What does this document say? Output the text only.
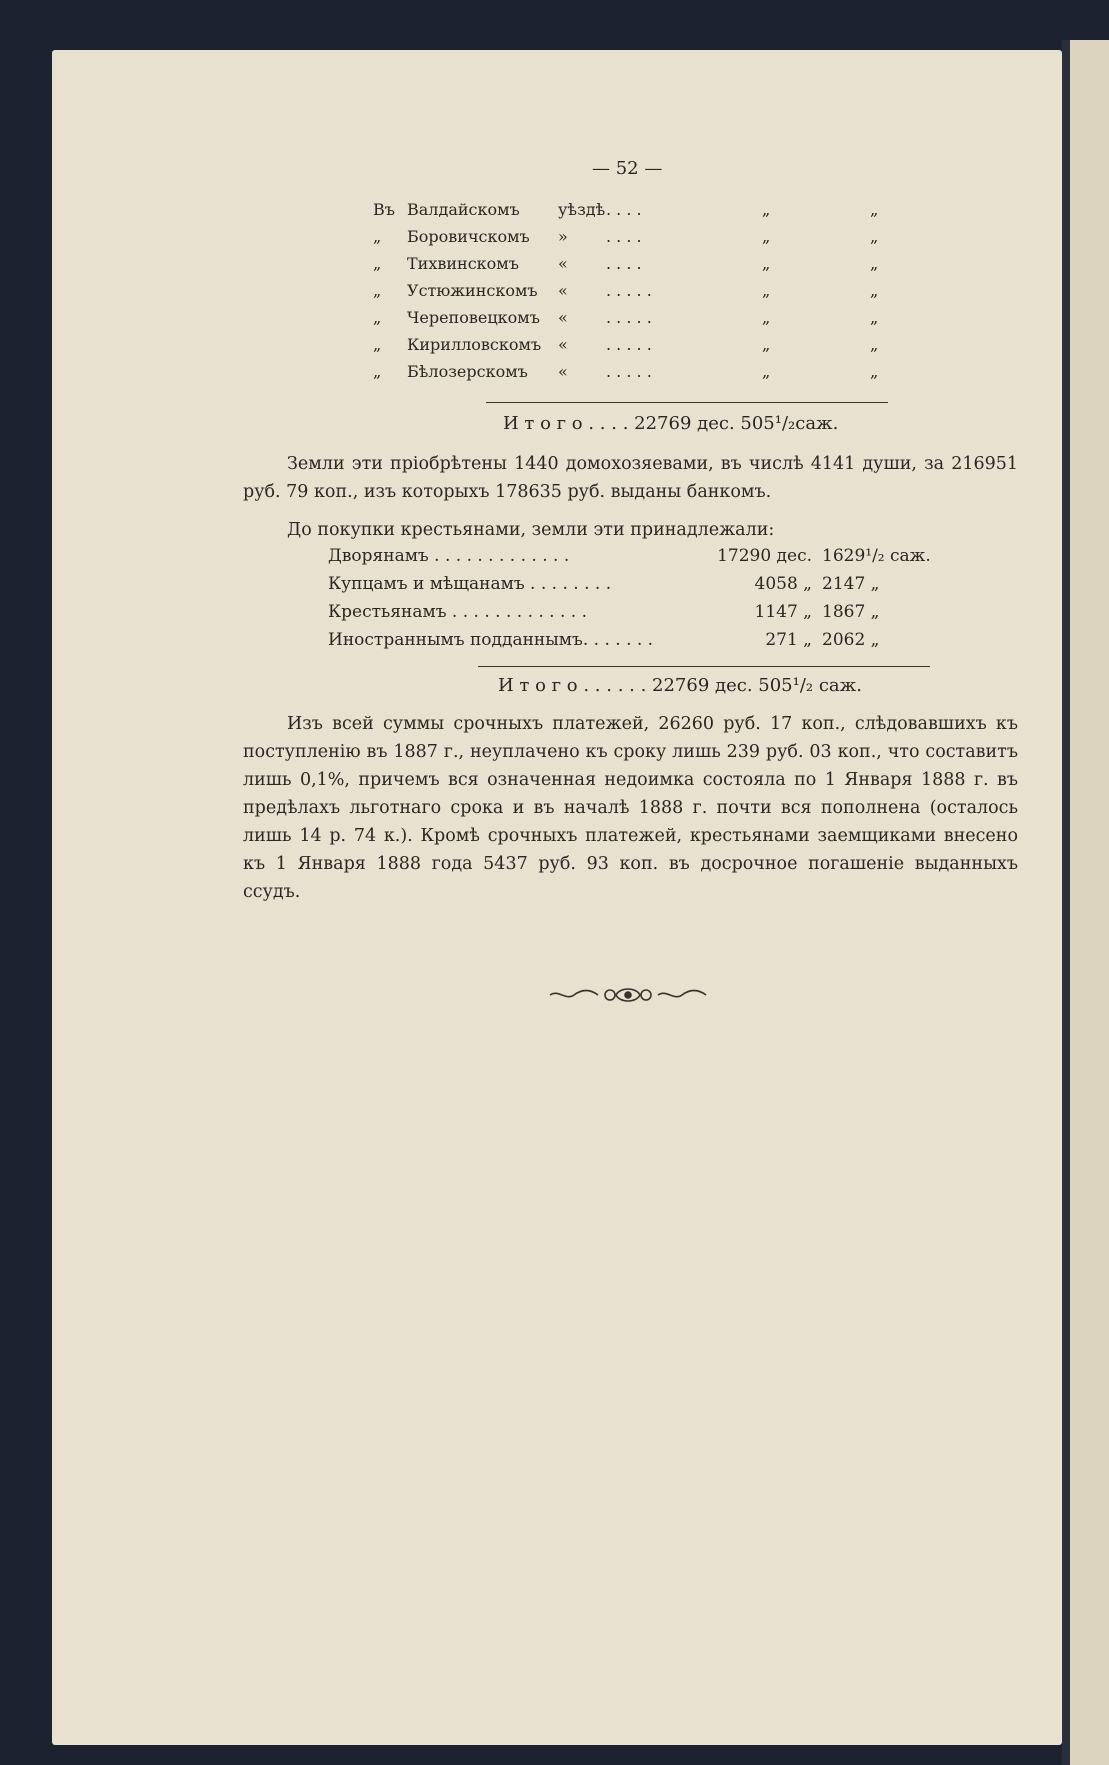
— 52 —
Въ Валдайскомъ уѣздѣ . . . .	„	„
„ Боровичскомъ » . . . .	„	„
„ Тихвинскомъ « . . . .	„	„
„ Устюжинскомъ « . . . . .	„	„
„ Череповецкомъ « . . . . .	„	„
„ Кирилловскомъ « . . . . .	„	„
„ Бѣлозерскомъ « . . . . .	„	„
И т о г о . . . . 22769 дес. 505¹/₂саж.
Земли эти пріобрѣтены 1440 домохозяевами, въ числѣ 4141 души, за 216951 руб. 79 коп., изъ которыхъ 178635 руб. выданы банкомъ.
До покупки крестьянами, земли эти принадлежали:
Дворянамъ . . . . . . . . . . . . .	17290 дес. 1629¹/₂ саж.
Купцамъ и мѣщанамъ . . . . . . . .	4058 „ 2147 „
Крестьянамъ . . . . . . . . . . . . .	1147 „ 1867 „
Иностраннымъ подданнымъ. . . . . . .	271 „ 2062 „
И т о г о . . . . . . 22769 дес. 505¹/₂ саж.
Изъ всей суммы срочныхъ платежей, 26260 руб. 17 коп., слѣдовавшихъ къ поступленію въ 1887 г., неуплачено къ сроку лишь 239 руб. 03 коп., что составитъ лишь 0,1%, причемъ вся означенная недоимка состояла по 1 Января 1888 г. въ предѣлахъ льготнаго срока и въ началѣ 1888 г. почти вся пополнена (осталось лишь 14 р. 74 к.). Кромѣ срочныхъ платежей, крестьянами заемщиками внесено къ 1 Января 1888 года 5437 руб. 93 коп. въ досрочное погашеніе выданныхъ ссудъ.
